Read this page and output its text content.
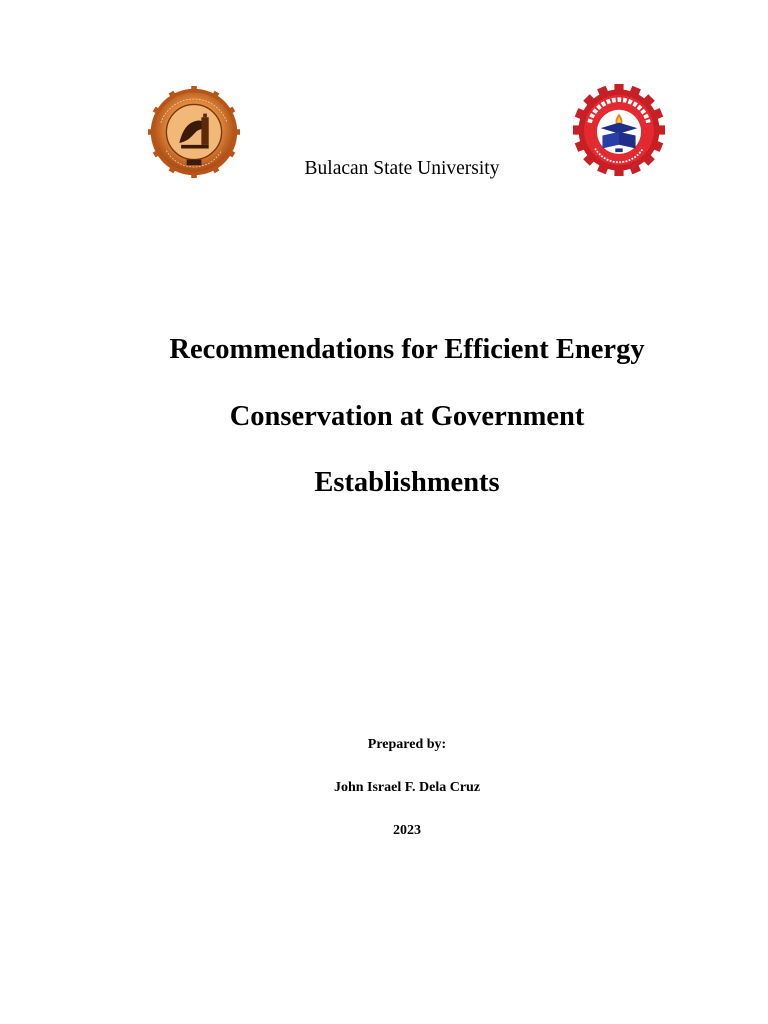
Bulacan State University
Recommendations for Efficient Energy
Conservation at Government
Establishments
Prepared by:
John Israel F. Dela Cruz
2023
